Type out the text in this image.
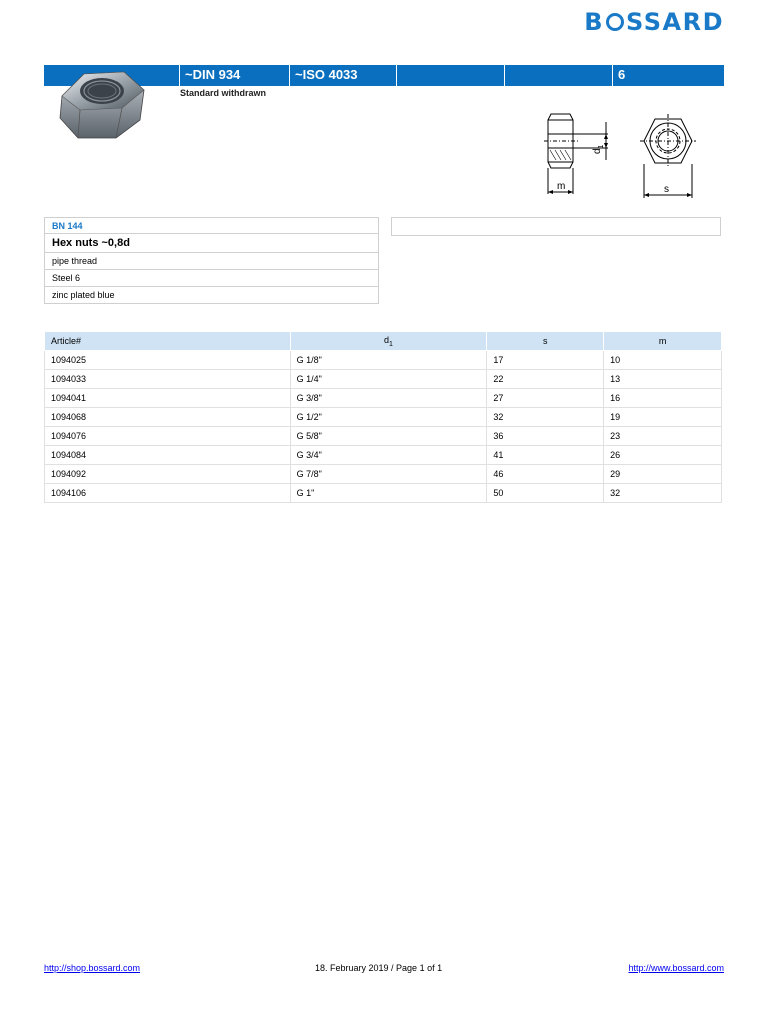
B SSARD
~DIN 934	~ISO 4033	6
Standard withdrawn
m
$d_1$
s
BN 144
Hex nuts ~0,8d
pipe thread
Steel 6
zinc plated blue
Article#	$d_1$	s	m
1094025	G 1/8"	17	10
1094033	G 1/4"	22	13
1094041	G 3/8"	27	16
1094068	G 1/2"	32	19
1094076	G 5/8"	36	23
1094084	G 3/4"	41	26
1094092	G 7/8"	46	29
1094106	G 1"	50	32
http://shop.bossard.com	18. February 2019 / Page 1 of 1	http://www.bossard.com
